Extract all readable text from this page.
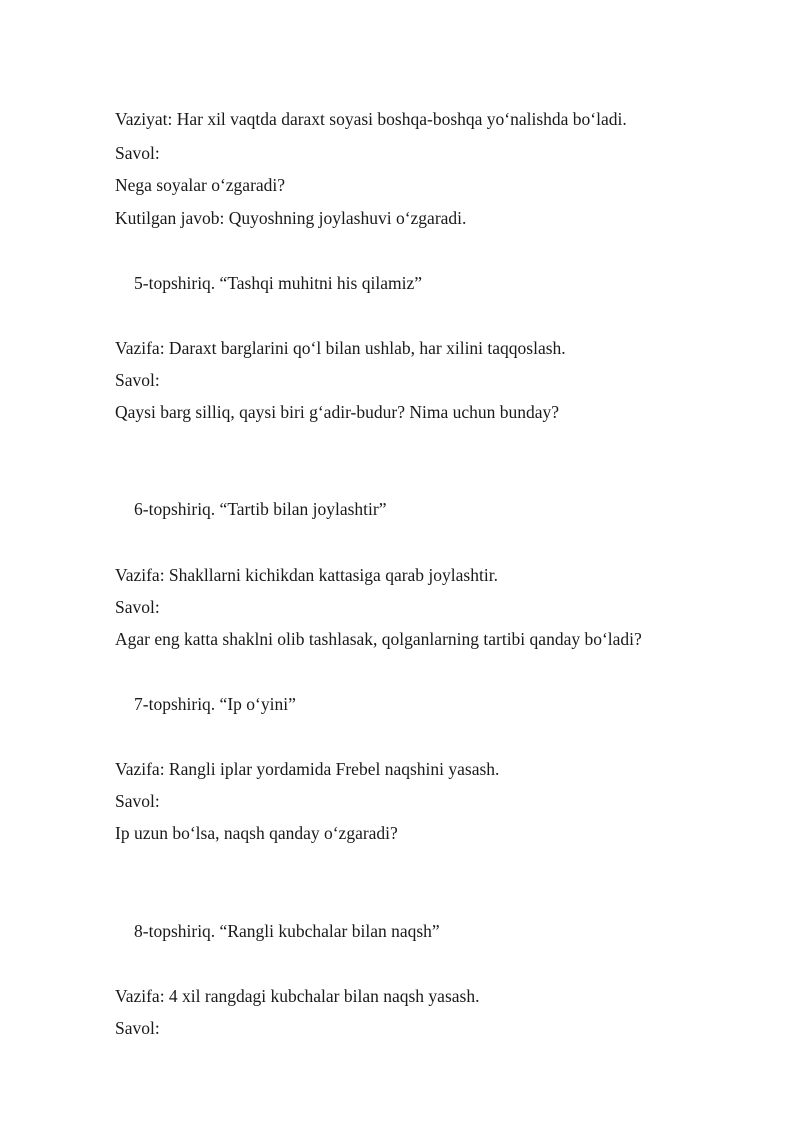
Vaziyat: Har xil vaqtda daraxt soyasi boshqa-boshqa yo‘nalishda bo‘ladi.
Savol:
Nega soyalar o‘zgaradi?
Kutilgan javob: Quyoshning joylashuvi o‘zgaradi.
5-topshiriq. “Tashqi muhitni his qilamiz”
Vazifa: Daraxt barglarini qo‘l bilan ushlab, har xilini taqqoslash.
Savol:
Qaysi barg silliq, qaysi biri g‘adir-budur? Nima uchun bunday?
6-topshiriq. “Tartib bilan joylashtir”
Vazifa: Shakllarni kichikdan kattasiga qarab joylashtir.
Savol:
Agar eng katta shaklni olib tashlasak, qolganlarning tartibi qanday bo‘ladi?
7-topshiriq. “Ip o‘yini”
Vazifa: Rangli iplar yordamida Frebel naqshini yasash.
Savol:
Ip uzun bo‘lsa, naqsh qanday o‘zgaradi?
8-topshiriq. “Rangli kubchalar bilan naqsh”
Vazifa: 4 xil rangdagi kubchalar bilan naqsh yasash.
Savol:
